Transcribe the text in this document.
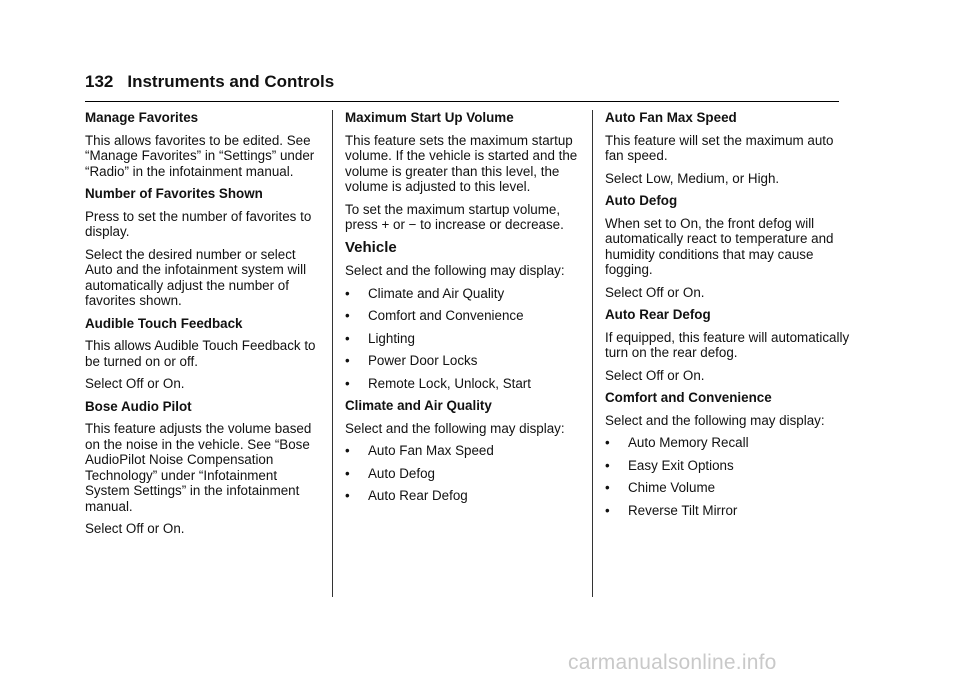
132 Instruments and Controls
Manage Favorites
This allows favorites to be edited. See “Manage Favorites” in “Settings” under “Radio” in the infotainment manual.
Number of Favorites Shown
Press to set the number of favorites to display.
Select the desired number or select Auto and the infotainment system will automatically adjust the number of favorites shown.
Audible Touch Feedback
This allows Audible Touch Feedback to be turned on or off.
Select Off or On.
Bose Audio Pilot
This feature adjusts the volume based on the noise in the vehicle. See “Bose AudioPilot Noise Compensation Technology” under “Infotainment System Settings” in the infotainment manual.
Select Off or On.
Maximum Start Up Volume
This feature sets the maximum startup volume. If the vehicle is started and the volume is greater than this level, the volume is adjusted to this level.
To set the maximum startup volume, press + or − to increase or decrease.
Vehicle
Select and the following may display:
•	Climate and Air Quality
•	Comfort and Convenience
•	Lighting
•	Power Door Locks
•	Remote Lock, Unlock, Start
Climate and Air Quality
Select and the following may display:
•	Auto Fan Max Speed
•	Auto Defog
•	Auto Rear Defog
Auto Fan Max Speed
This feature will set the maximum auto fan speed.
Select Low, Medium, or High.
Auto Defog
When set to On, the front defog will automatically react to temperature and humidity conditions that may cause fogging.
Select Off or On.
Auto Rear Defog
If equipped, this feature will automatically turn on the rear defog.
Select Off or On.
Comfort and Convenience
Select and the following may display:
•	Auto Memory Recall
•	Easy Exit Options
•	Chime Volume
•	Reverse Tilt Mirror
carmanualsonline.info
